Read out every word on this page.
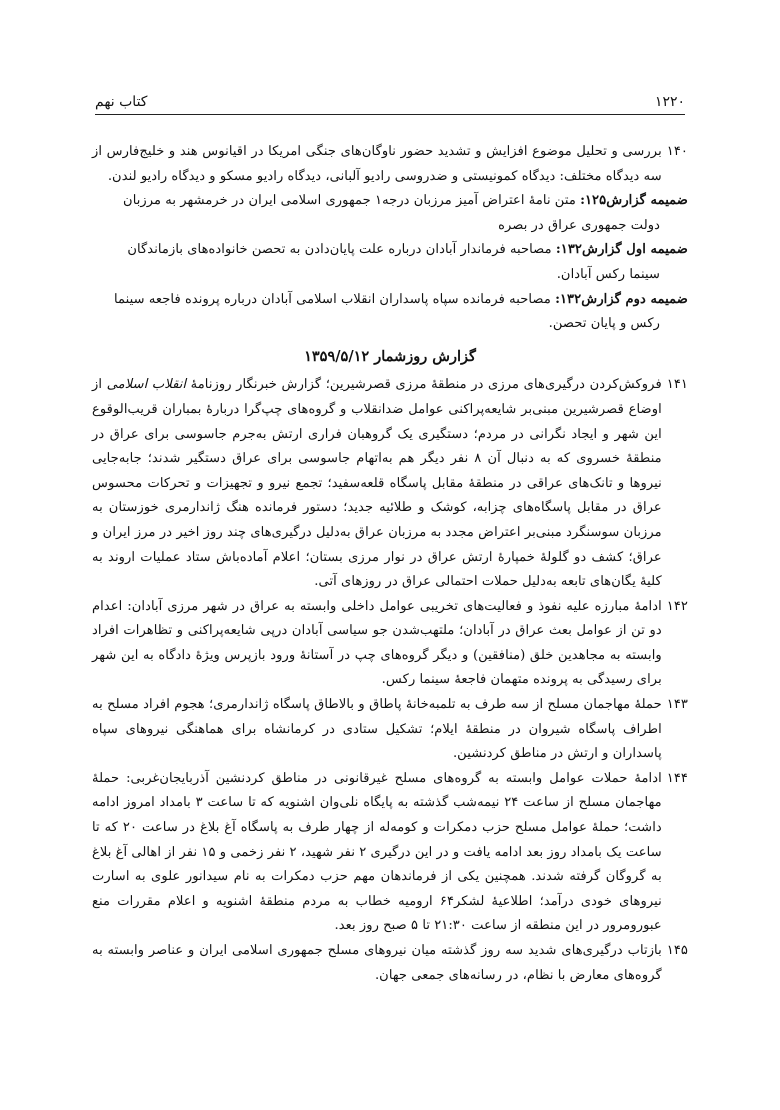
۱۲۲۰
کتاب نهم
۱۴۰
بررسی و تحلیل موضوع افزایش و تشدید حضور ناوگان‌های جنگی امریکا در اقیانوس هند و خلیج‌فارس از سه دیدگاه مختلف: دیدگاه کمونیستی و ضدروسی رادیو آلبانی، دیدگاه رادیو مسکو و دیدگاه رادیو لندن.
ضمیمه گزارش۱۲۵: متن نامهٔ اعتراض آمیز مرزبان درجه۱ جمهوری اسلامی ایران در خرمشهر به مرزبان
دولت جمهوری عراق در بصره
ضمیمه اول گزارش۱۳۲: مصاحبه فرماندار آبادان درباره علت پایان‌دادن به تحصن خانواده‌های بازماندگان
سینما رکس آبادان.
ضمیمه دوم گزارش۱۳۲: مصاحبه فرمانده سپاه پاسداران انقلاب اسلامی آبادان درباره پرونده فاجعه سینما
رکس و پایان تحصن.
گزارش روزشمار ۱۳۵۹/۵/۱۲
۱۴۱
فروکش‌کردن درگیری‌های مرزی در منطقهٔ مرزی قصرشیرین؛ گزارش خبرنگار روزنامهٔ انقلاب اسلامی از اوضاع قصرشیرین مبنی‌بر شایعه‌پراکنی عوامل ضدانقلاب و گروه‌های چپ‌گرا دربارهٔ بمباران قریب‌الوقوع این شهر و ایجاد نگرانی در مردم؛ دستگیری یک گروهبان فراری ارتش به‌جرم جاسوسی برای عراق در منطقهٔ خسروی که به دنبال آن ۸ نفر دیگر هم به‌اتهام جاسوسی برای عراق دستگیر شدند؛ جابه‌جایی نیروها و تانک‌های عراقی در منطقهٔ مقابل پاسگاه قلعه‌سفید؛ تجمع نیرو و تجهیزات و تحرکات محسوس عراق در مقابل پاسگاه‌های چزابه، کوشک و طلائیه جدید؛ دستور فرمانده هنگ ژاندارمری خوزستان به مرزبان سوسنگرد مبنی‌بر اعتراض مجدد به مرزبان عراق به‌دلیل درگیری‌های چند روز اخیر در مرز ایران و عراق؛ کشف دو گلولهٔ خمپارهٔ ارتش عراق در نوار مرزی بستان؛ اعلام آماده‌باش ستاد عملیات اروند به کلیهٔ یگان‌های تابعه به‌دلیل حملات احتمالی عراق در روزهای آتی.
۱۴۲
ادامهٔ مبارزه علیه نفوذ و فعالیت‌های تخریبی عوامل داخلی وابسته به عراق در شهر مرزی آبادان: اعدام دو تن از عوامل بعث عراق در آبادان؛ ملتهب‌شدن جو سیاسی آبادان درپی شایعه‌پراکنی و تظاهرات افراد وابسته به مجاهدین خلق (منافقین) و دیگر گروه‌های چپ در آستانهٔ ورود بازپرس ویژهٔ دادگاه به این شهر برای رسیدگی به پرونده متهمان فاجعهٔ سینما رکس.
۱۴۳
حملهٔ مهاجمان مسلح از سه طرف به تلمبه‌خانهٔ پاطاق و بالاطاق پاسگاه ژاندارمری؛ هجوم افراد مسلح به اطراف پاسگاه شیروان در منطقهٔ ایلام؛ تشکیل ستادی در کرمانشاه برای هماهنگی نیروهای سپاه پاسداران و ارتش در مناطق کردنشین.
۱۴۴
ادامهٔ حملات عوامل وابسته به گروه‌های مسلح غیرقانونی در مناطق کردنشین آذربایجان‌غربی: حملهٔ مهاجمان مسلح از ساعت ۲۴ نیمه‌شب گذشته به پایگاه نلی‌وان اشنویه که تا ساعت ۳ بامداد امروز ادامه داشت؛ حملهٔ عوامل مسلح حزب دمکرات و کومه‌له از چهار طرف به پاسگاه آغ بلاغ در ساعت ۲۰ که تا ساعت یک بامداد روز بعد ادامه یافت و در این درگیری ۲ نفر شهید، ۲ نفر زخمی و ۱۵ نفر از اهالی آغ بلاغ به گروگان گرفته شدند. همچنین یکی از فرماندهان مهم حزب دمکرات به نام سیدانور علوی به اسارت نیروهای خودی درآمد؛ اطلاعیهٔ لشکر۶۴ ارومیه خطاب به مردم منطقهٔ اشنویه و اعلام مقررات منع عبورومرور در این منطقه از ساعت ۲۱:۳۰ تا ۵ صبح روز بعد.
۱۴۵
بازتاب درگیری‌های شدید سه روز گذشته میان نیروهای مسلح جمهوری اسلامی ایران و عناصر وابسته به گروه‌های معارض با نظام، در رسانه‌های جمعی جهان.
